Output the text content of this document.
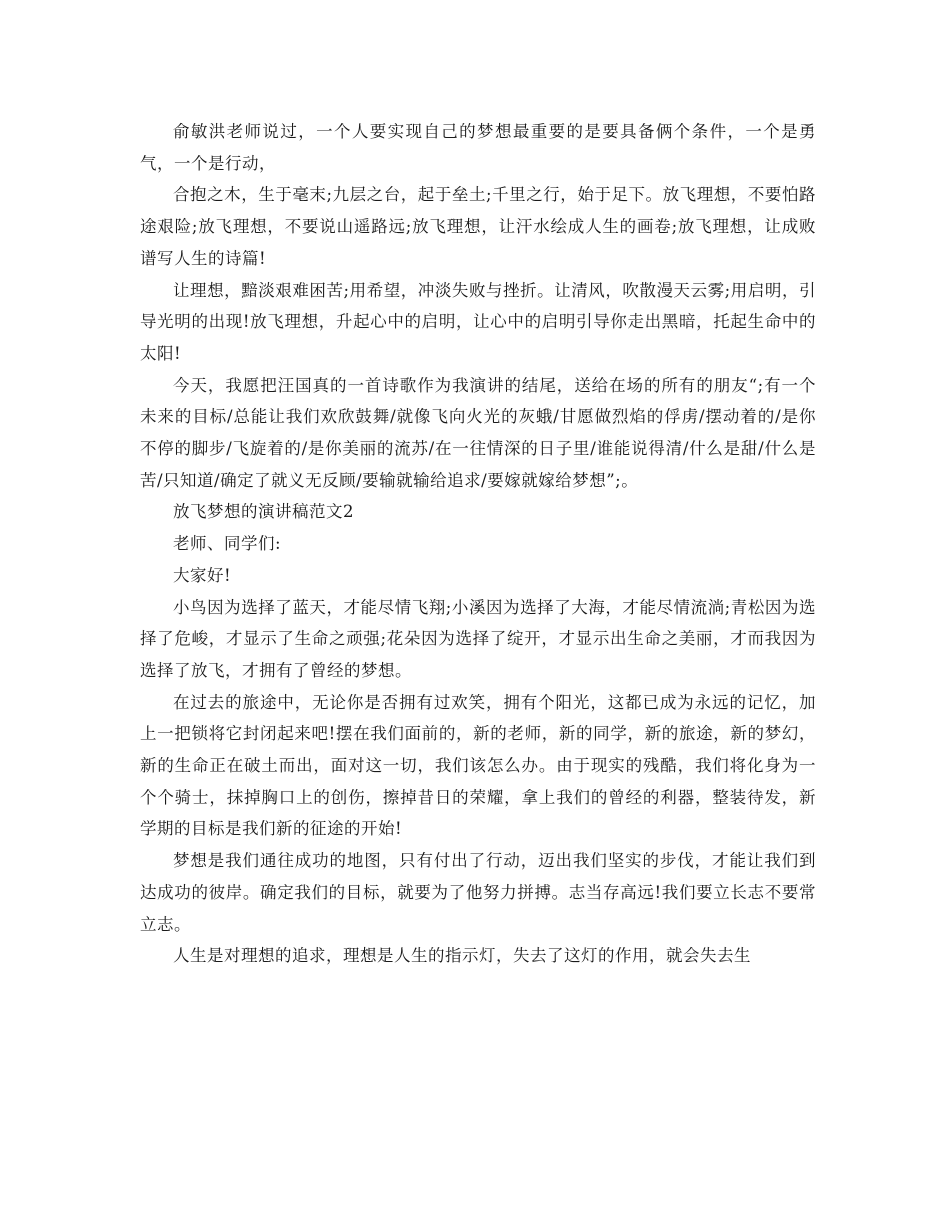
俞敏洪老师说过，一个人要实现自己的梦想最重要的是要具备俩个条件，一个是勇气，一个是行动，

合抱之木，生于毫末;九层之台，起于垒土;千里之行，始于足下。放飞理想，不要怕路途艰险;放飞理想，不要说山遥路远;放飞理想，让汗水绘成人生的画卷;放飞理想，让成败谱写人生的诗篇!

让理想，黯淡艰难困苦;用希望，冲淡失败与挫折。让清风，吹散漫天云雾;用启明，引导光明的出现!放飞理想，升起心中的启明，让心中的启明引导你走出黑暗，托起生命中的太阳!

今天，我愿把汪国真的一首诗歌作为我演讲的结尾，送给在场的所有的朋友“;有一个未来的目标/总能让我们欢欣鼓舞/就像飞向火光的灰蛾/甘愿做烈焰的俘虏/摆动着的/是你不停的脚步/飞旋着的/是你美丽的流苏/在一往情深的日子里/谁能说得清/什么是甜/什么是苦/只知道/确定了就义无反顾/要输就输给追求/要嫁就嫁给梦想”;。

放飞梦想的演讲稿范文2

老师、同学们:

大家好!

小鸟因为选择了蓝天，才能尽情飞翔;小溪因为选择了大海，才能尽情流淌;青松因为选择了危峻，才显示了生命之顽强;花朵因为选择了绽开，才显示出生命之美丽，才而我因为选择了放飞，才拥有了曾经的梦想。

在过去的旅途中，无论你是否拥有过欢笑，拥有个阳光，这都已成为永远的记忆，加上一把锁将它封闭起来吧!摆在我们面前的，新的老师，新的同学，新的旅途，新的梦幻，新的生命正在破土而出，面对这一切，我们该怎么办。由于现实的残酷，我们将化身为一个个骑士，抹掉胸口上的创伤，擦掉昔日的荣耀，拿上我们的曾经的利器，整装待发，新学期的目标是我们新的征途的开始!

梦想是我们通往成功的地图，只有付出了行动，迈出我们坚实的步伐，才能让我们到达成功的彼岸。确定我们的目标，就要为了他努力拼搏。志当存高远!我们要立长志不要常立志。

人生是对理想的追求，理想是人生的指示灯，失去了这灯的作用，就会失去生
